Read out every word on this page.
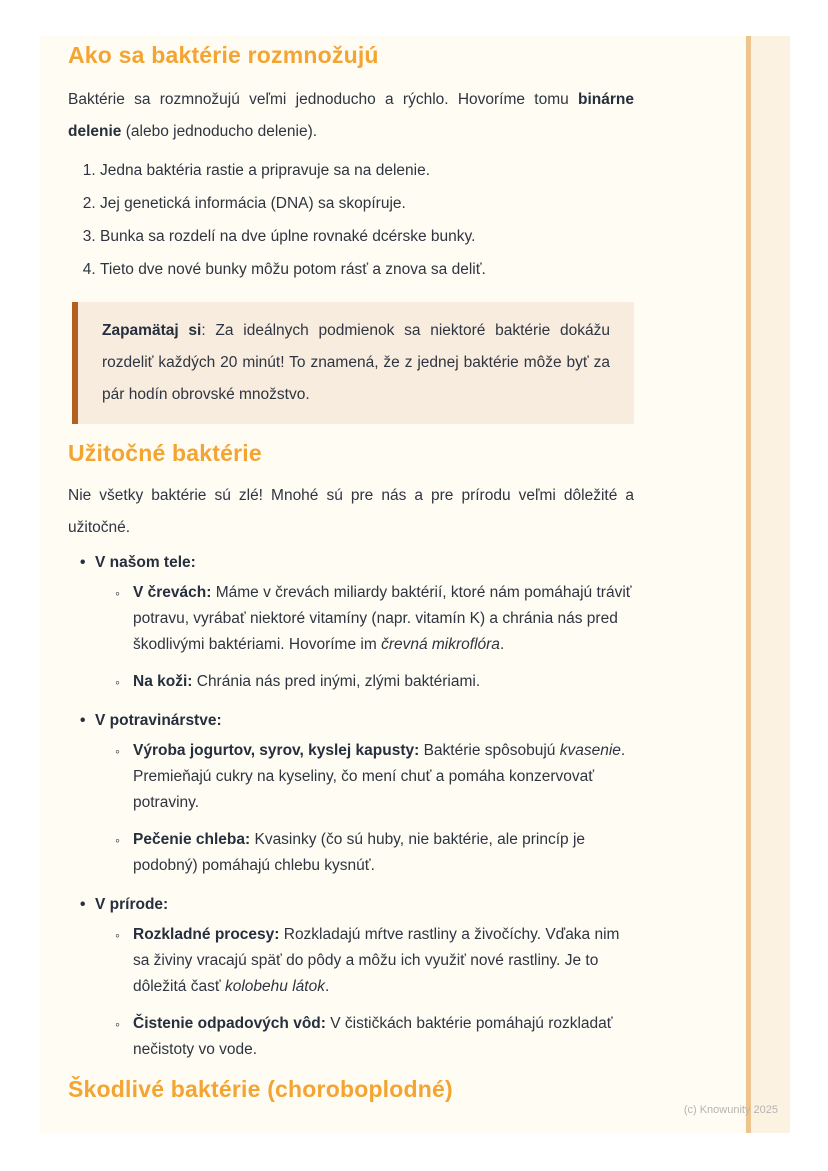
Ako sa baktérie rozmnožujú

Baktérie sa rozmnožujú veľmi jednoducho a rýchlo. Hovoríme tomu binárne delenie (alebo jednoducho delenie).

1. Jedna baktéria rastie a pripravuje sa na delenie.
2. Jej genetická informácia (DNA) sa skopíruje.
3. Bunka sa rozdelí na dve úplne rovnaké dcérske bunky.
4. Tieto dve nové bunky môžu potom rásť a znova sa deliť.

Zapamätaj si: Za ideálnych podmienok sa niektoré baktérie dokážu rozdeliť každých 20 minút! To znamená, že z jednej baktérie môže byť za pár hodín obrovské množstvo.

Užitočné baktérie

Nie všetky baktérie sú zlé! Mnohé sú pre nás a pre prírodu veľmi dôležité a užitočné.

• V našom tele:
◦ V črevách: Máme v črevách miliardy baktérií, ktoré nám pomáhajú tráviť potravu, vyrábať niektoré vitamíny (napr. vitamín K) a chránia nás pred škodlivými baktériami. Hovoríme im črevná mikroflóra.
◦ Na koži: Chránia nás pred inými, zlými baktériami.
• V potravinárstve:
◦ Výroba jogurtov, syrov, kyslej kapusty: Baktérie spôsobujú kvasenie. Premieňajú cukry na kyseliny, čo mení chuť a pomáha konzervovať potraviny.
◦ Pečenie chleba: Kvasinky (čo sú huby, nie baktérie, ale princíp je podobný) pomáhajú chlebu kysnúť.
• V prírode:
◦ Rozkladné procesy: Rozkladajú mŕtve rastliny a živočíchy. Vďaka nim sa živiny vracajú späť do pôdy a môžu ich využiť nové rastliny. Je to dôležitá časť kolobehu látok.
◦ Čistenie odpadových vôd: V čističkách baktérie pomáhajú rozkladať nečistoty vo vode.
Škodlivé baktérie (choroboplodné)
(c) Knowunity 2025
